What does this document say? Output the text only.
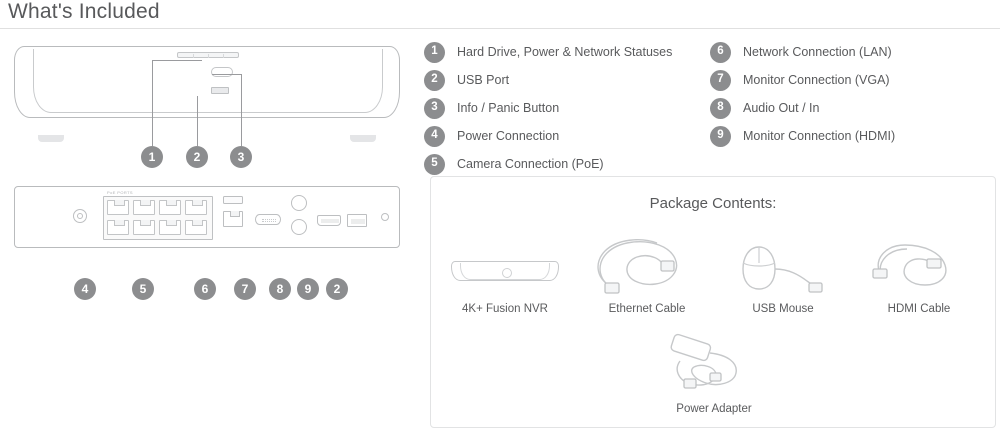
What's Included
1	2	3
PoE PORTS
4	5	6	7	8	9	2
1	Hard Drive, Power & Network Statuses
2	USB Port
3	Info / Panic Button
4	Power Connection
5	Camera Connection (PoE)
6	Network Connection (LAN)
7	Monitor Connection (VGA)
8	Audio Out / In
9	Monitor Connection (HDMI)
Package Contents:
4K+ Fusion NVR	Ethernet Cable	USB Mouse	HDMI Cable
Power Adapter
